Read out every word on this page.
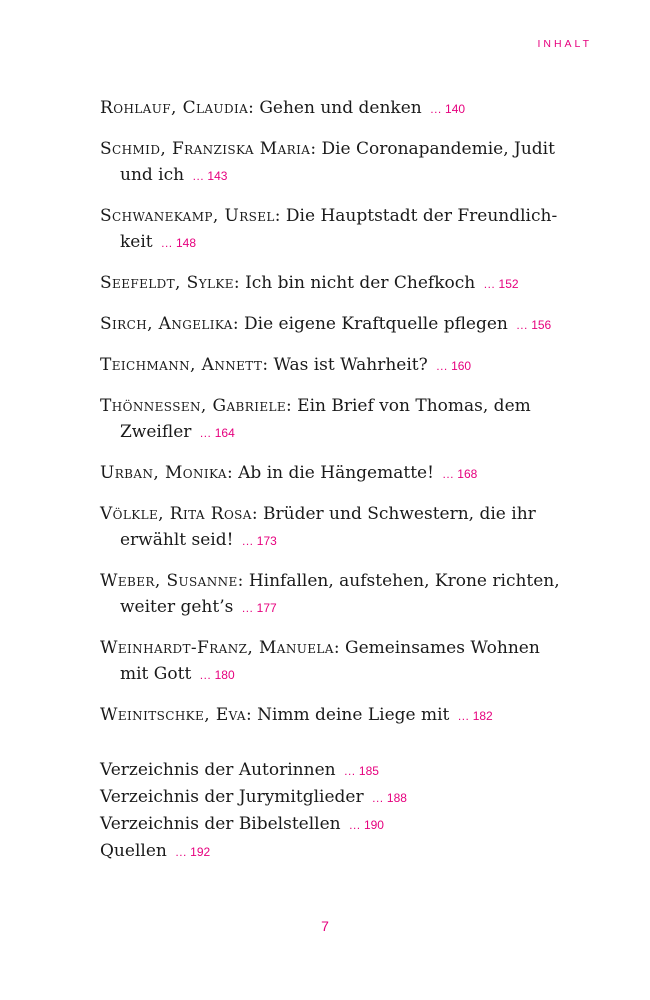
INHALT
Rohlauf, Claudia: Gehen und denken … 140
Schmid, Franziska Maria: Die Coronapandemie, Judit und ich … 143
Schwanekamp, Ursel: Die Hauptstadt der Freundlichkeit … 148
Seefeldt, Sylke: Ich bin nicht der Chefkoch … 152
Sirch, Angelika: Die eigene Kraftquelle pflegen … 156
Teichmann, Annett: Was ist Wahrheit? … 160
Thönnessen, Gabriele: Ein Brief von Thomas, dem Zweifler … 164
Urban, Monika: Ab in die Hängematte! … 168
Völkle, Rita Rosa: Brüder und Schwestern, die ihr erwählt seid! … 173
Weber, Susanne: Hinfallen, aufstehen, Krone richten, weiter geht’s … 177
Weinhardt-Franz, Manuela: Gemeinsames Wohnen mit Gott … 180
Weinitschke, Eva: Nimm deine Liege mit … 182
Verzeichnis der Autorinnen … 185
Verzeichnis der Jurymitglieder … 188
Verzeichnis der Bibelstellen … 190
Quellen … 192
7
